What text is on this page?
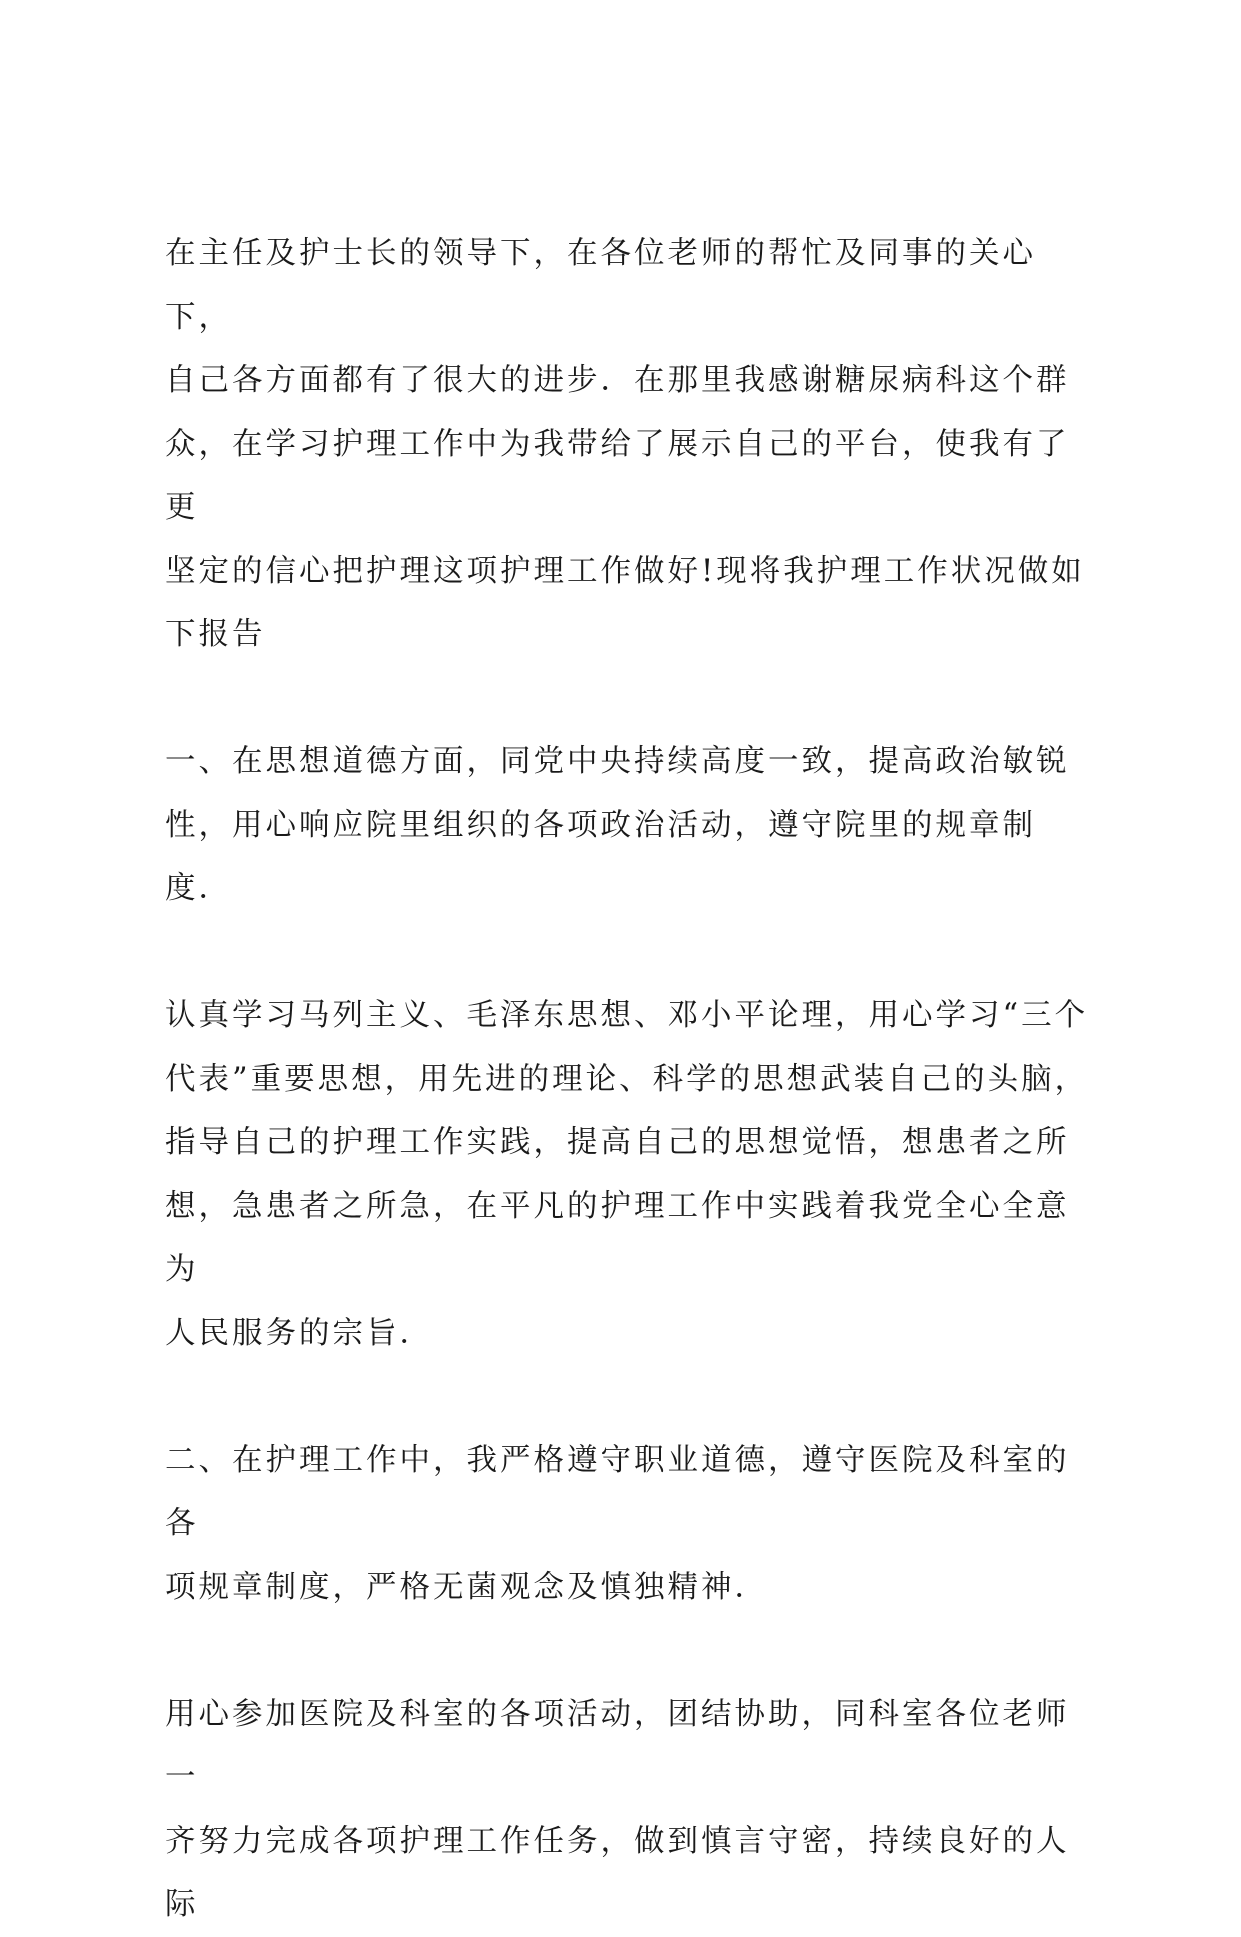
在主任及护士长的领导下，在各位老师的帮忙及同事的关心下，
自己各方面都有了很大的进步．在那里我感谢糖尿病科这个群
众，在学习护理工作中为我带给了展示自己的平台，使我有了更
坚定的信心把护理这项护理工作做好!现将我护理工作状况做如
下报告

一、在思想道德方面，同党中央持续高度一致，提高政治敏锐
性，用心响应院里组织的各项政治活动，遵守院里的规章制度．

认真学习马列主义、毛泽东思想、邓小平论理，用心学习“三个
代表”重要思想，用先进的理论、科学的思想武装自己的头脑，
指导自己的护理工作实践，提高自己的思想觉悟，想患者之所
想，急患者之所急，在平凡的护理工作中实践着我党全心全意为
人民服务的宗旨．

二、在护理工作中，我严格遵守职业道德，遵守医院及科室的各
项规章制度，严格无菌观念及慎独精神．

用心参加医院及科室的各项活动，团结协助，同科室各位老师一
齐努力完成各项护理工作任务，做到慎言守密，持续良好的人际
